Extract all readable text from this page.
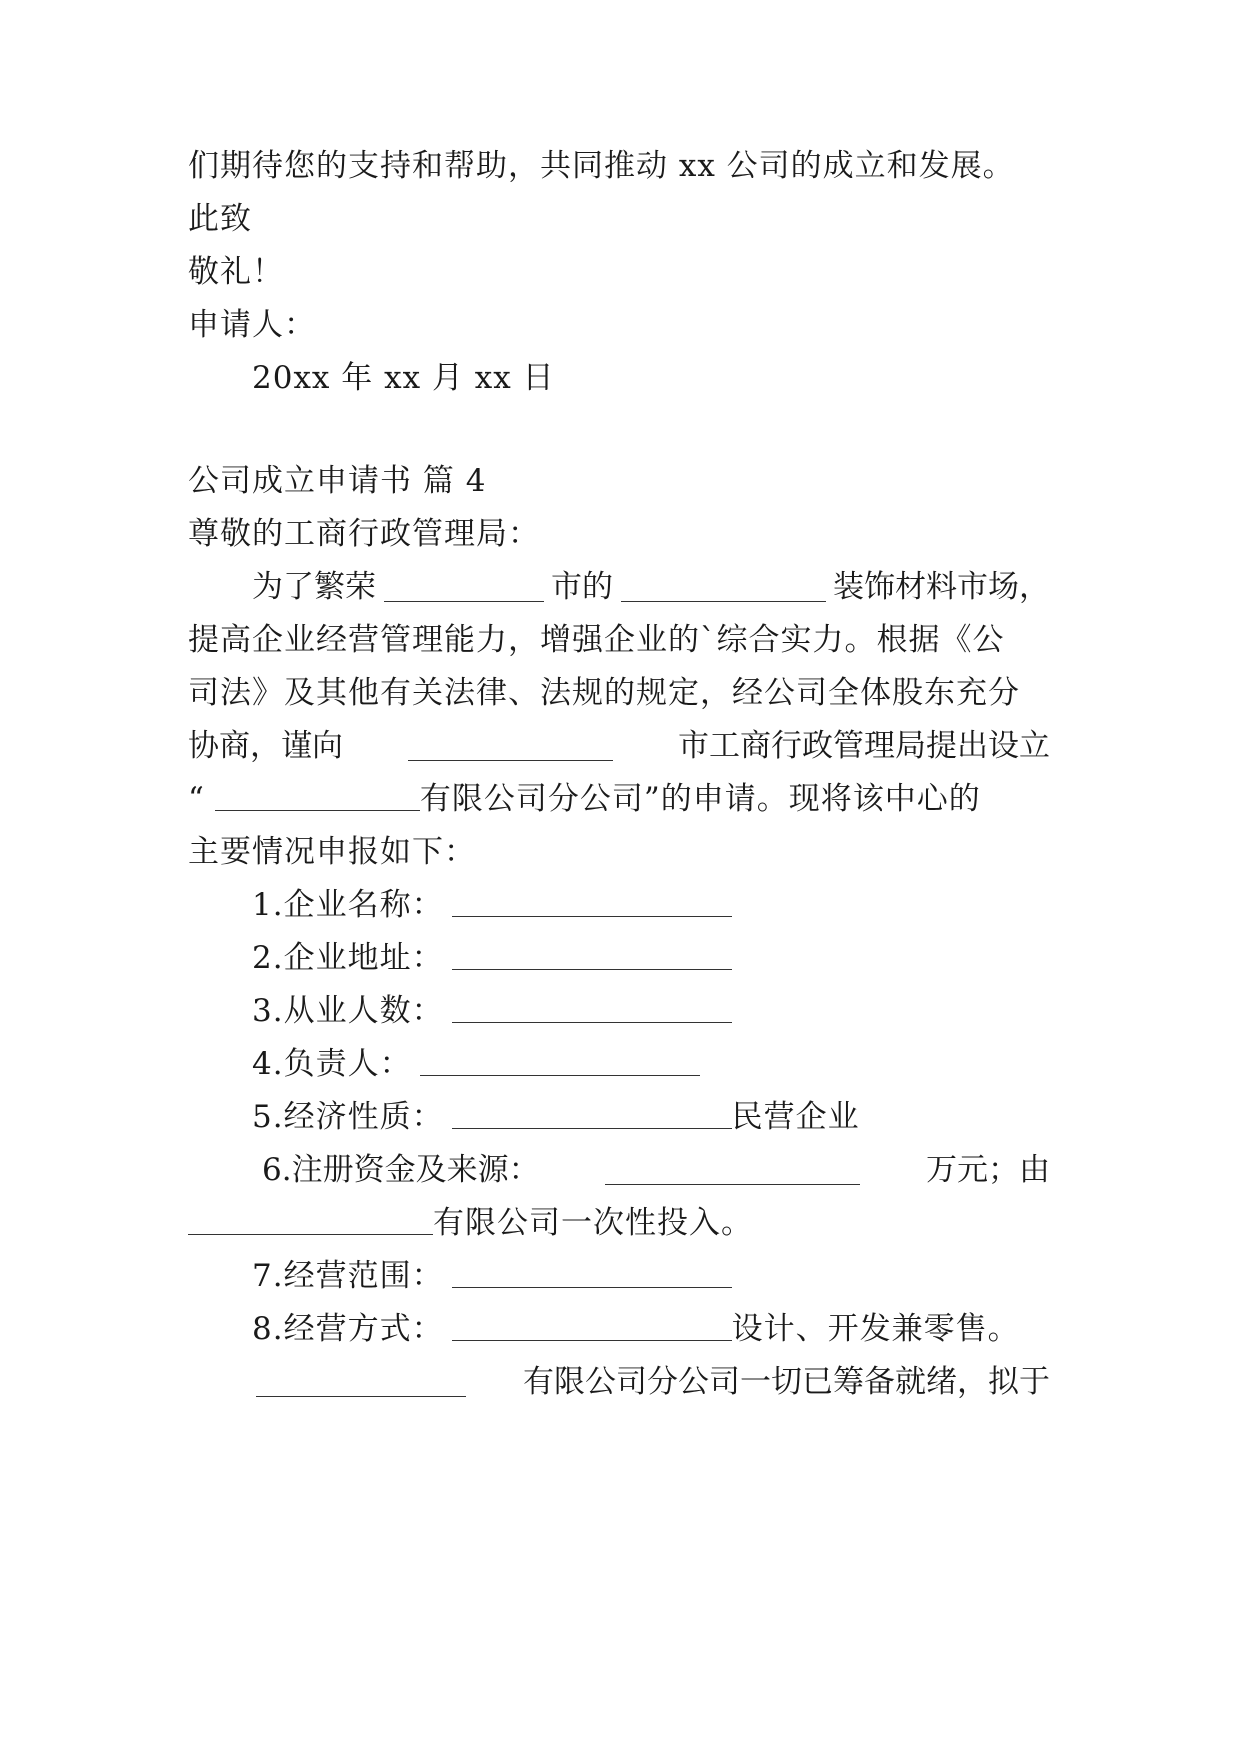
们期待您的支持和帮助，共同推动 xx 公司的成立和发展。
此致
敬礼！
申请人：
20xx 年 xx 月 xx 日
公司成立申请书 篇 4
尊敬的工商行政管理局：
为了繁荣	市的	装饰材料市场，
提高企业经营管理能力，增强企业的`综合实力。根据《公
司法》及其他有关法律、法规的规定，经公司全体股东充分
协商，谨向	市工商行政管理局提出设立
“	有限公司分公司”的申请。现将该中心的
主要情况申报如下：
1.企业名称：
2.企业地址：
3.从业人数：
4.负责人：
5.经济性质：	民营企业
6.注册资金及来源：	万元；由
有限公司一次性投入。
7.经营范围：
8.经营方式：	设计、开发兼零售。
有限公司分公司一切已筹备就绪，拟于
